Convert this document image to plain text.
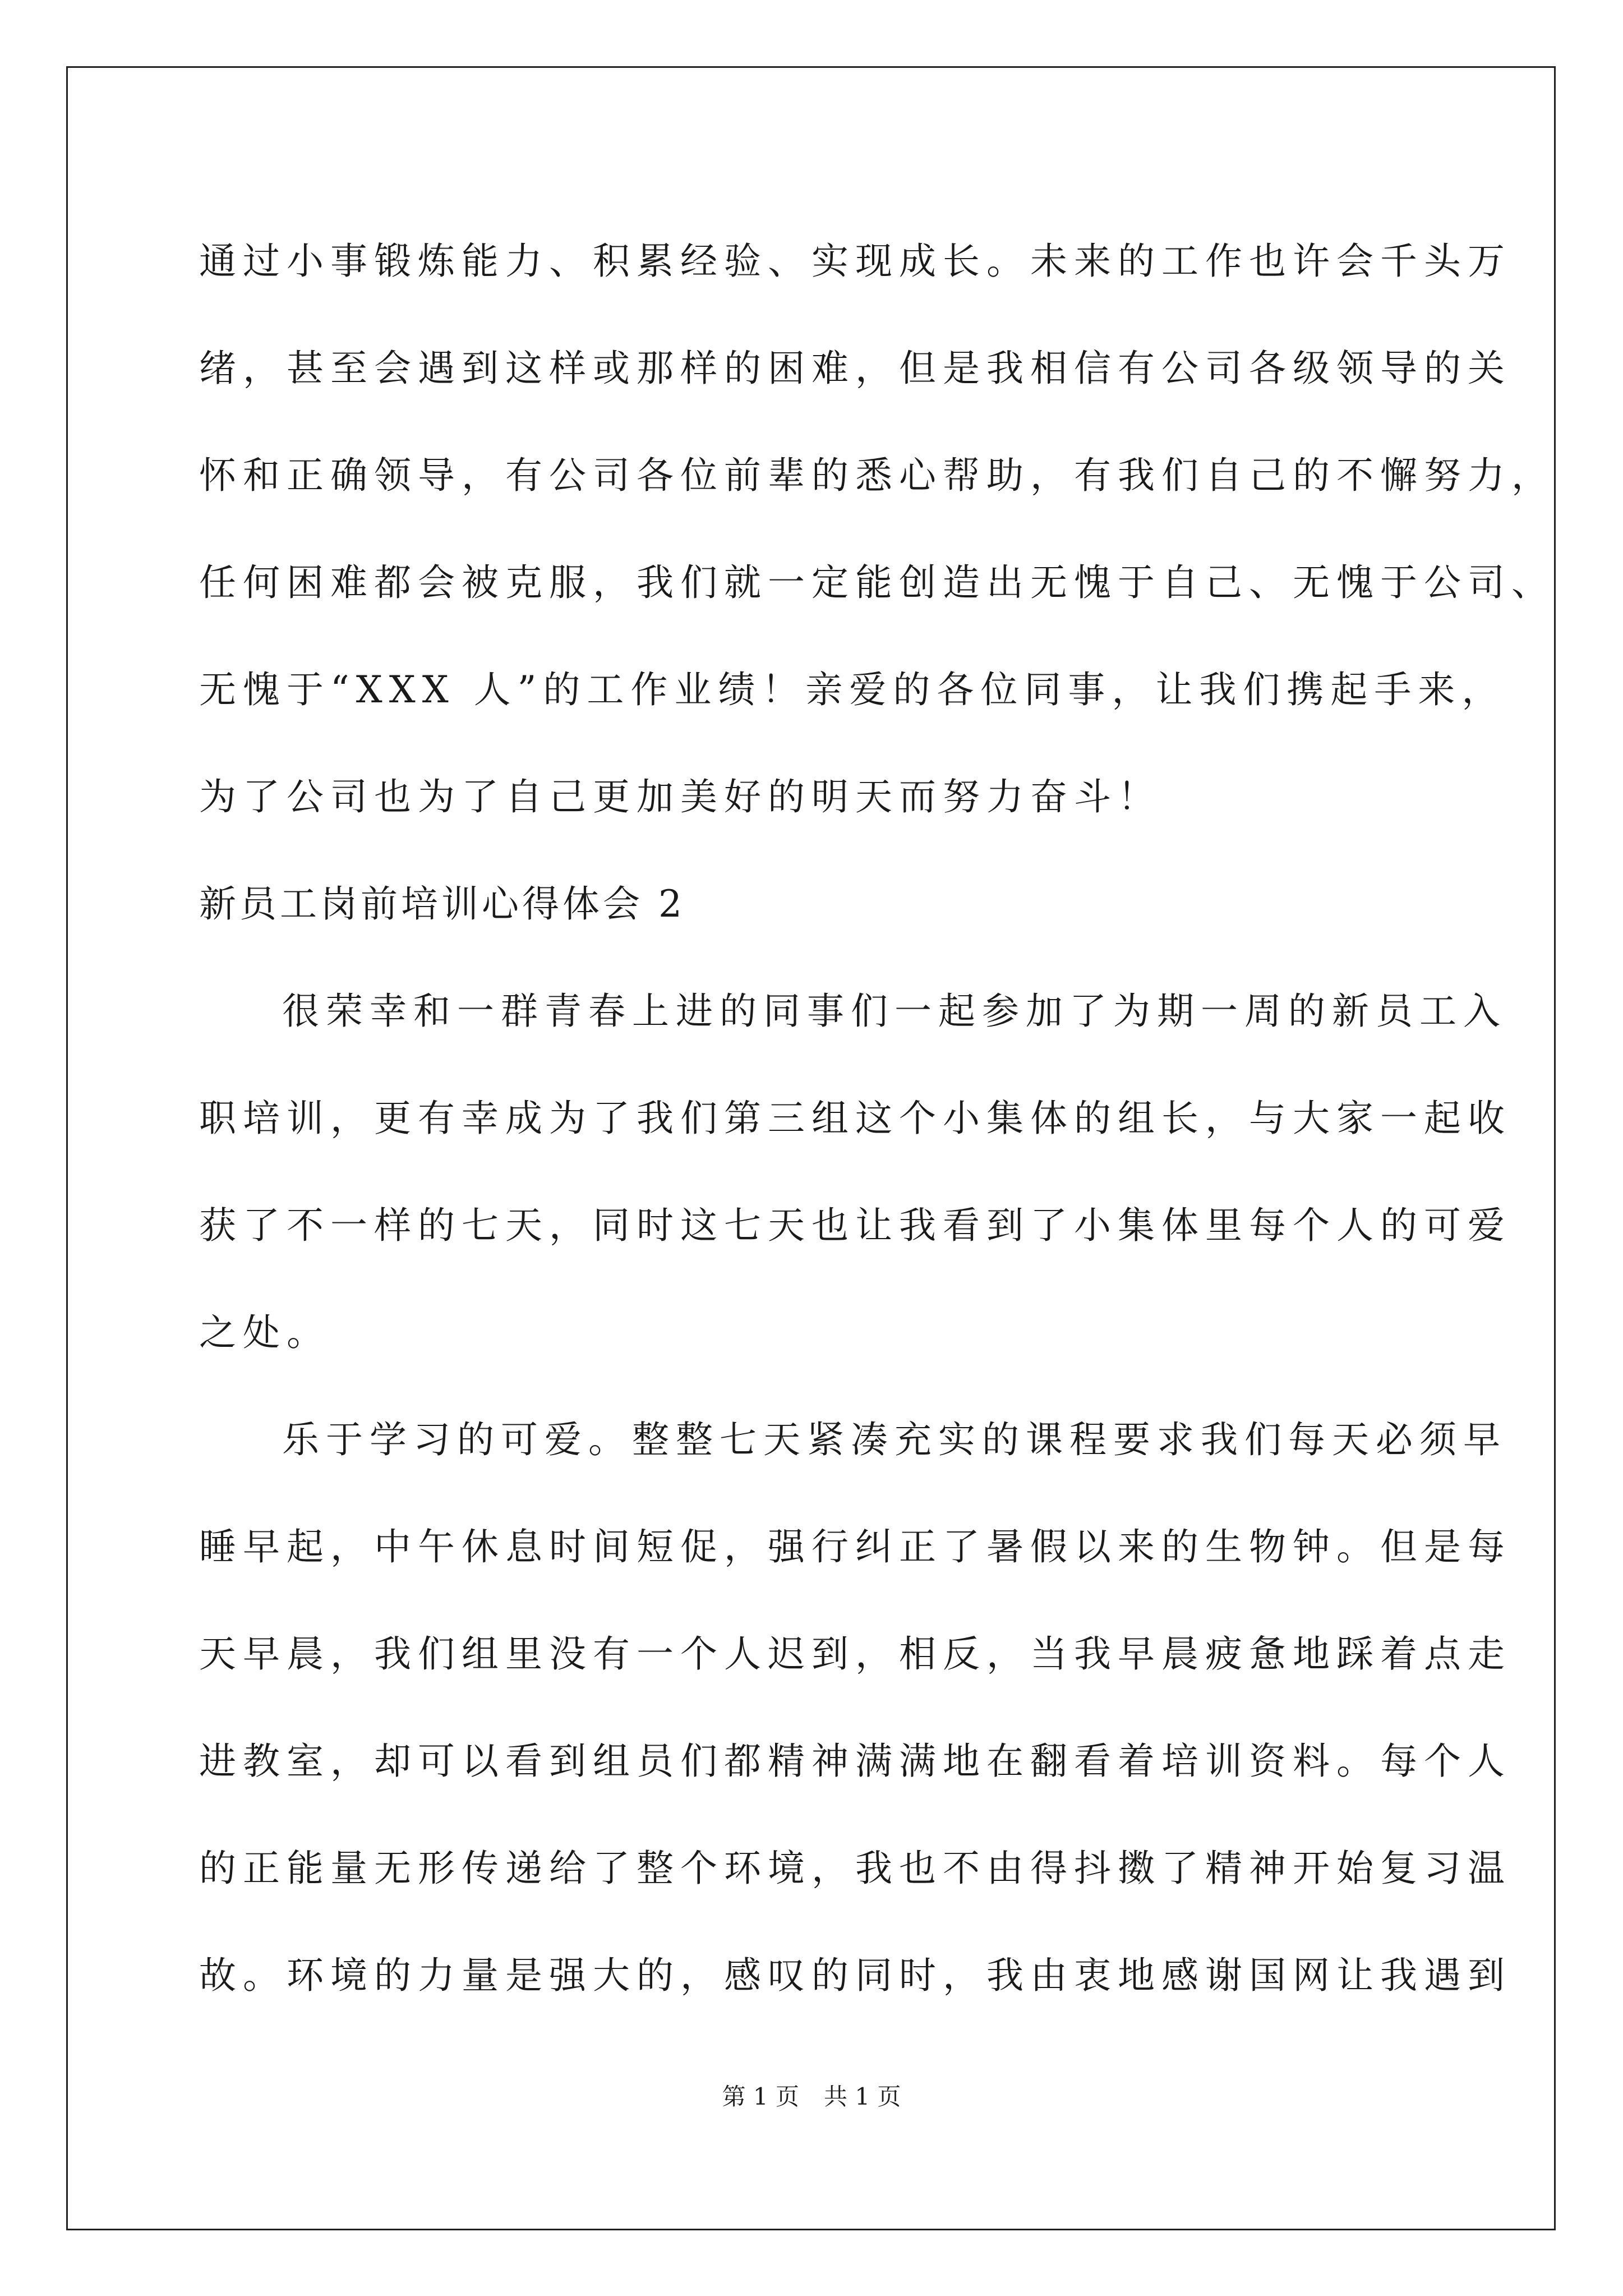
通过小事锻炼能力、积累经验、实现成长。未来的工作也许会千头万
绪，甚至会遇到这样或那样的困难，但是我相信有公司各级领导的关
怀和正确领导，有公司各位前辈的悉心帮助，有我们自己的不懈努力，
任何困难都会被克服，我们就一定能创造出无愧于自己、无愧于公司、
无愧于“XXX 人”的工作业绩！亲爱的各位同事，让我们携起手来，
为了公司也为了自己更加美好的明天而努力奋斗！
新员工岗前培训心得体会 2
很荣幸和一群青春上进的同事们一起参加了为期一周的新员工入
职培训，更有幸成为了我们第三组这个小集体的组长，与大家一起收
获了不一样的七天，同时这七天也让我看到了小集体里每个人的可爱
之处。
乐于学习的可爱。整整七天紧凑充实的课程要求我们每天必须早
睡早起，中午休息时间短促，强行纠正了暑假以来的生物钟。但是每
天早晨，我们组里没有一个人迟到，相反，当我早晨疲惫地踩着点走
进教室，却可以看到组员们都精神满满地在翻看着培训资料。每个人
的正能量无形传递给了整个环境，我也不由得抖擞了精神开始复习温
故。环境的力量是强大的，感叹的同时，我由衷地感谢国网让我遇到
第 1 页 共 1 页
